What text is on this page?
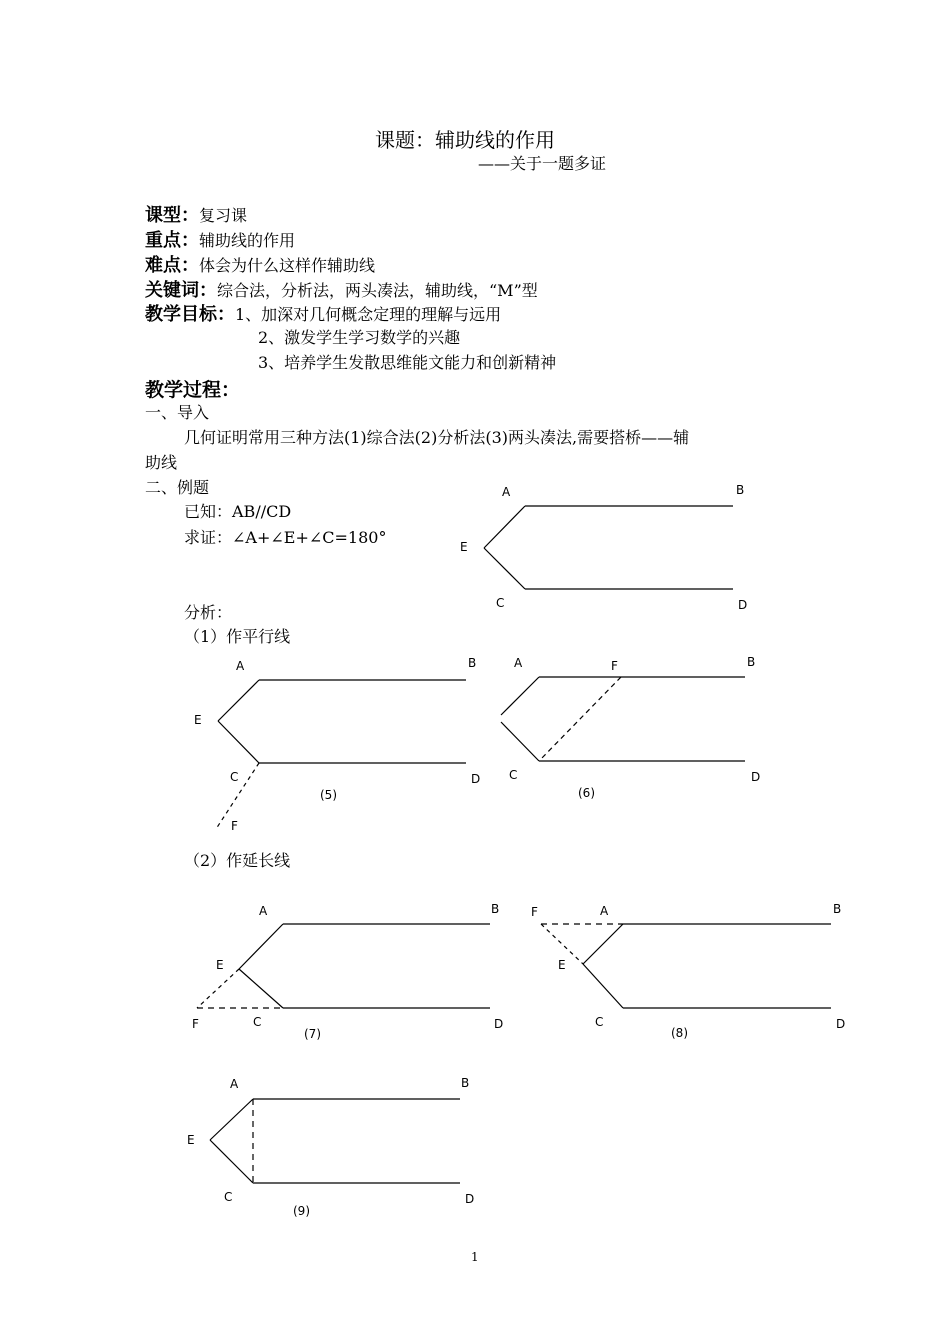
课题：辅助线的作用
——关于一题多证
课型：复习课
重点：辅助线的作用
难点：体会为什么这样作辅助线
关键词：综合法，分析法，两头凑法，辅助线，“M”型
教学目标：1、加深对几何概念定理的理解与远用
2、激发学生学习数学的兴趣
3、培养学生发散思维能文能力和创新精神
教学过程：
一、导入
几何证明常用三种方法(1)综合法(2)分析法(3)两头凑法,需要搭桥——辅
助线
二、例题
已知：AB//CD
求证：∠A+∠E+∠C=180°
分析：
（1）作平行线
（2）作延长线
A	B
E
C	D
A	B
E
C	D
F
(5)
A	F	B
C	D
(6)
A	B
E
F	C	D
(7)
F	A	B
E
C	D
(8)
A	B
E
C	D
(9)
1
